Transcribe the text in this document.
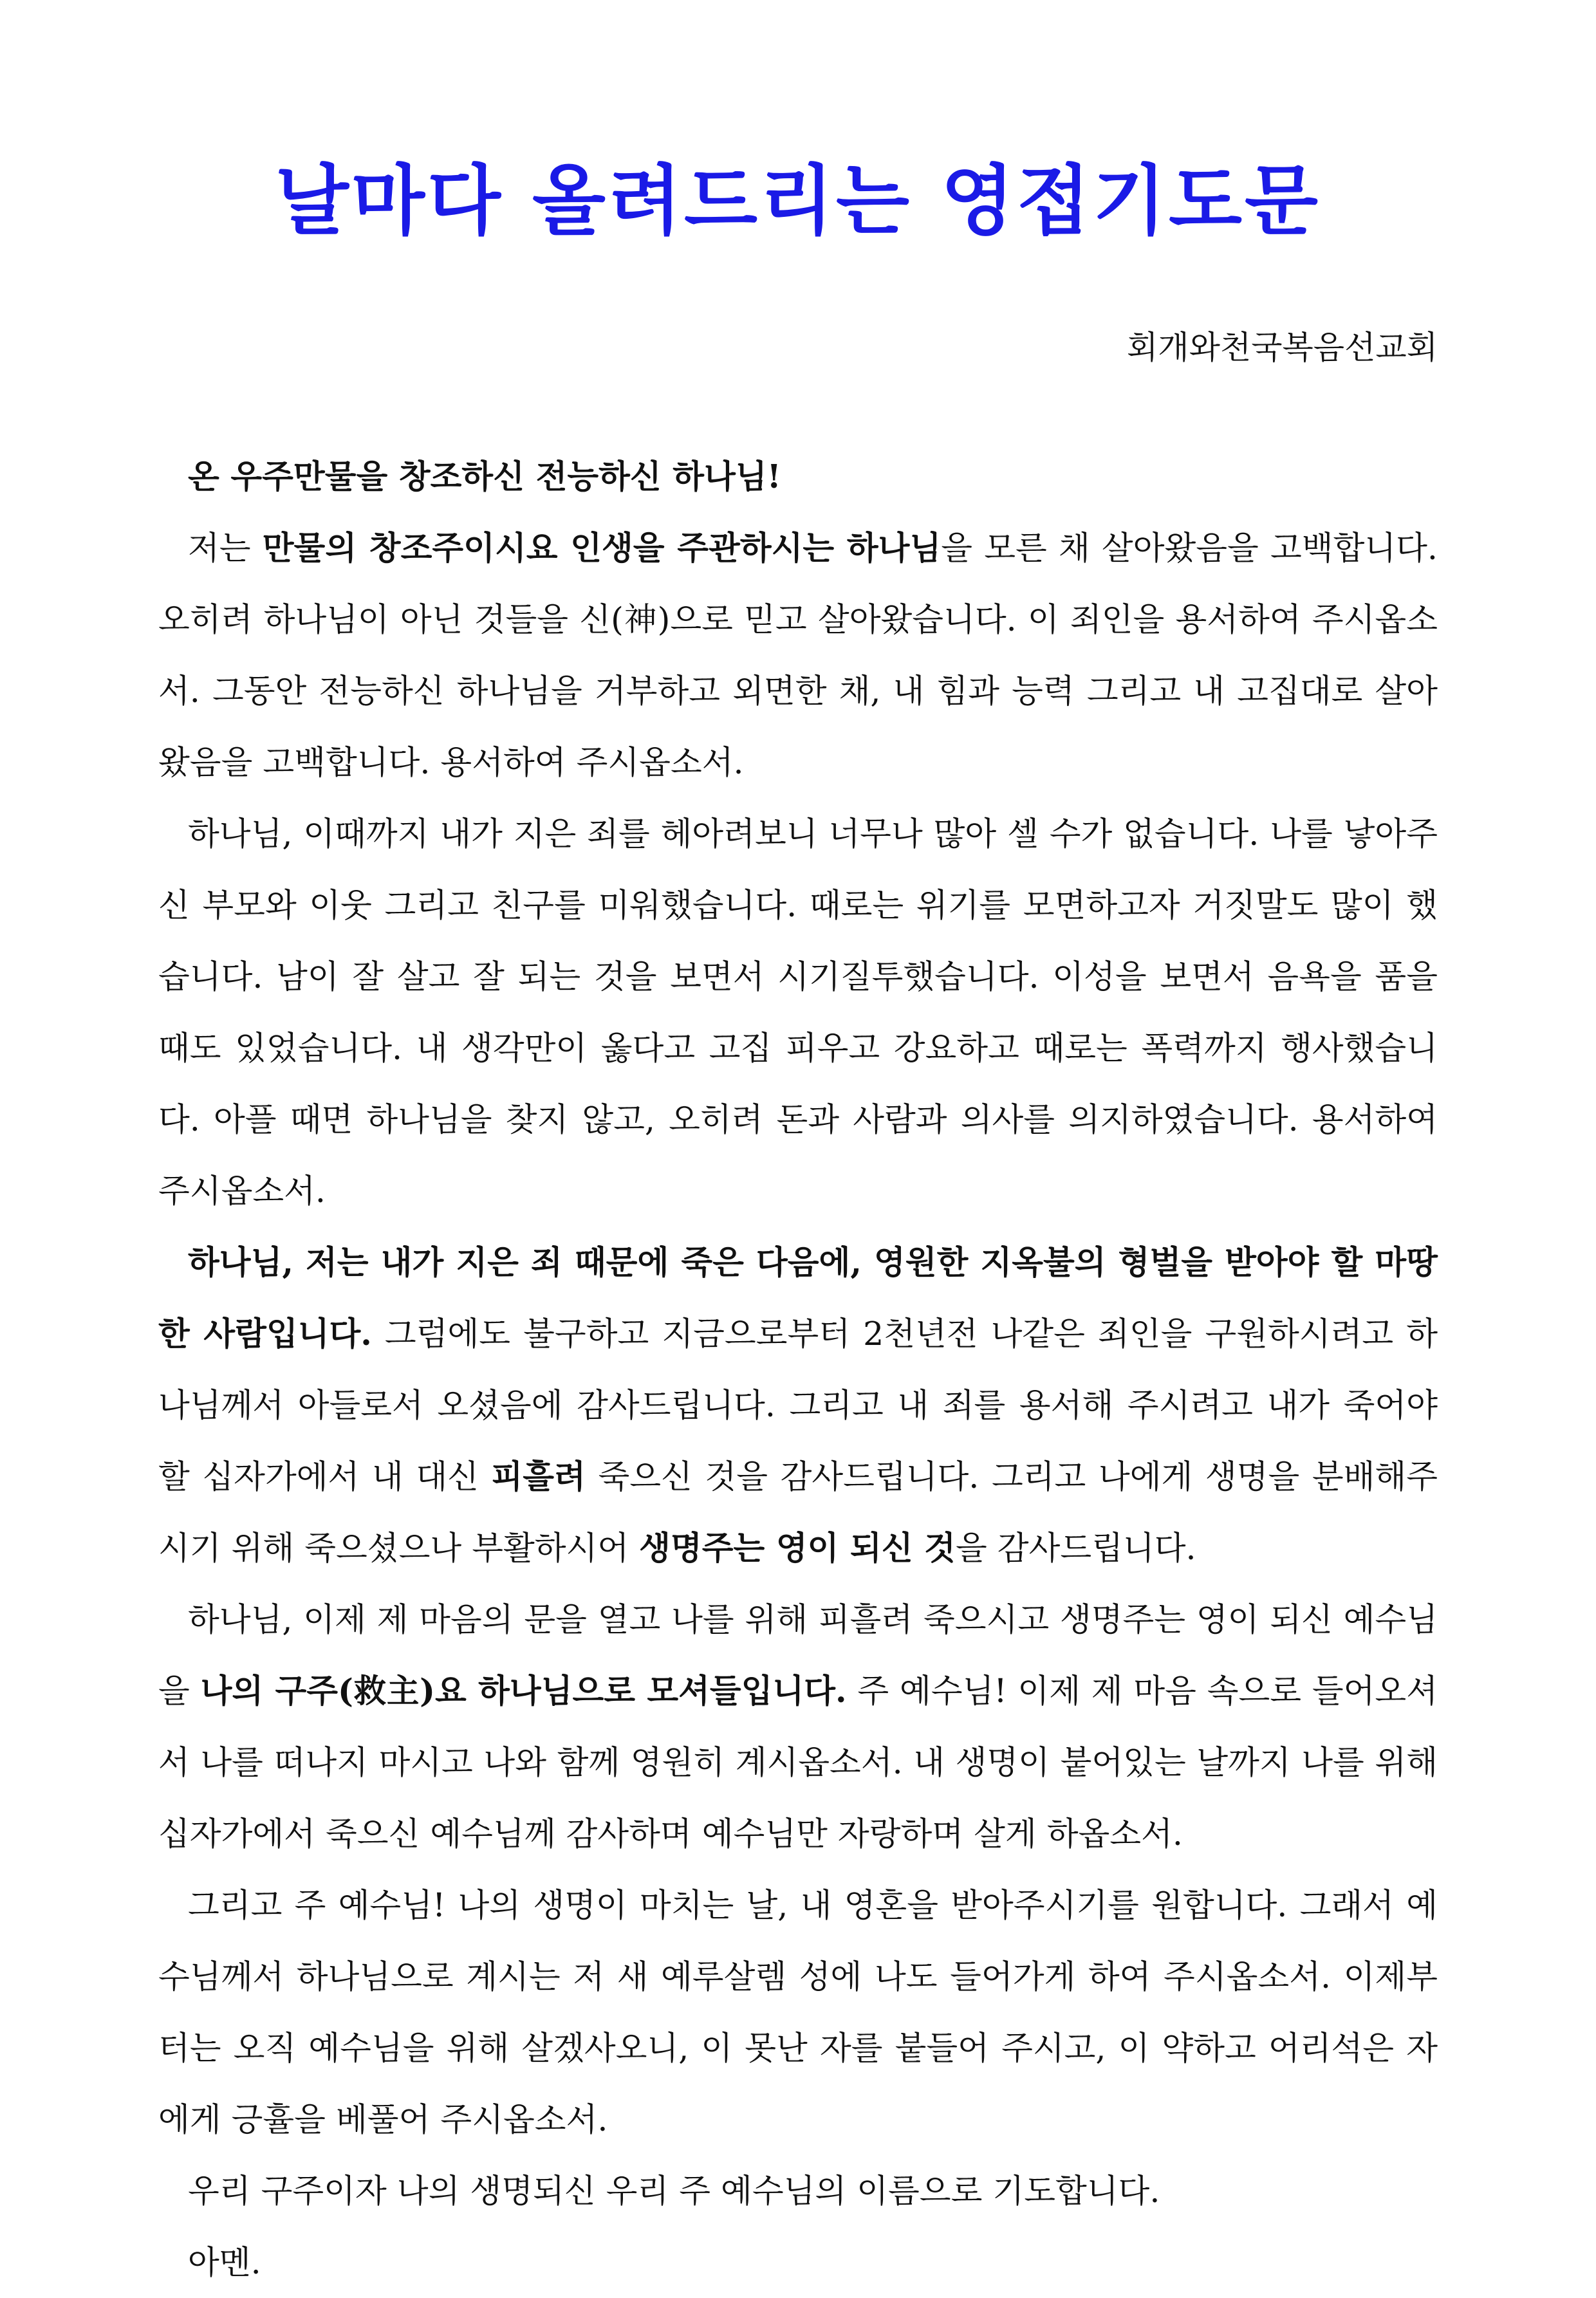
날마다 올려드리는 영접기도문
회개와천국복음선교회

온 우주만물을 창조하신 전능하신 하나님!

저는 만물의 창조주이시요 인생을 주관하시는 하나님을 모른 채 살아왔음을 고백합니다. 오히려 하나님이 아닌 것들을 신(神)으로 믿고 살아왔습니다. 이 죄인을 용서하여 주시옵소서. 그동안 전능하신 하나님을 거부하고 외면한 채, 내 힘과 능력 그리고 내 고집대로 살아왔음을 고백합니다. 용서하여 주시옵소서.

하나님, 이때까지 내가 지은 죄를 헤아려보니 너무나 많아 셀 수가 없습니다. 나를 낳아주신 부모와 이웃 그리고 친구를 미워했습니다. 때로는 위기를 모면하고자 거짓말도 많이 했습니다. 남이 잘 살고 잘 되는 것을 보면서 시기질투했습니다. 이성을 보면서 음욕을 품을 때도 있었습니다. 내 생각만이 옳다고 고집 피우고 강요하고 때로는 폭력까지 행사했습니다. 아플 때면 하나님을 찾지 않고, 오히려 돈과 사람과 의사를 의지하였습니다. 용서하여 주시옵소서.

하나님, 저는 내가 지은 죄 때문에 죽은 다음에, 영원한 지옥불의 형벌을 받아야 할 마땅한 사람입니다. 그럼에도 불구하고 지금으로부터 2천년전 나같은 죄인을 구원하시려고 하나님께서 아들로서 오셨음에 감사드립니다. 그리고 내 죄를 용서해 주시려고 내가 죽어야 할 십자가에서 내 대신 피흘려 죽으신 것을 감사드립니다. 그리고 나에게 생명을 분배해주시기 위해 죽으셨으나 부활하시어 생명주는 영이 되신 것을 감사드립니다.

하나님, 이제 제 마음의 문을 열고 나를 위해 피흘려 죽으시고 생명주는 영이 되신 예수님을 나의 구주(救主)요 하나님으로 모셔들입니다. 주 예수님! 이제 제 마음 속으로 들어오셔서 나를 떠나지 마시고 나와 함께 영원히 계시옵소서. 내 생명이 붙어있는 날까지 나를 위해 십자가에서 죽으신 예수님께 감사하며 예수님만 자랑하며 살게 하옵소서.

그리고 주 예수님! 나의 생명이 마치는 날, 내 영혼을 받아주시기를 원합니다. 그래서 예수님께서 하나님으로 계시는 저 새 예루살렘 성에 나도 들어가게 하여 주시옵소서. 이제부터는 오직 예수님을 위해 살겠사오니, 이 못난 자를 붙들어 주시고, 이 약하고 어리석은 자에게 긍휼을 베풀어 주시옵소서.

우리 구주이자 나의 생명되신 우리 주 예수님의 이름으로 기도합니다.

아멘.
